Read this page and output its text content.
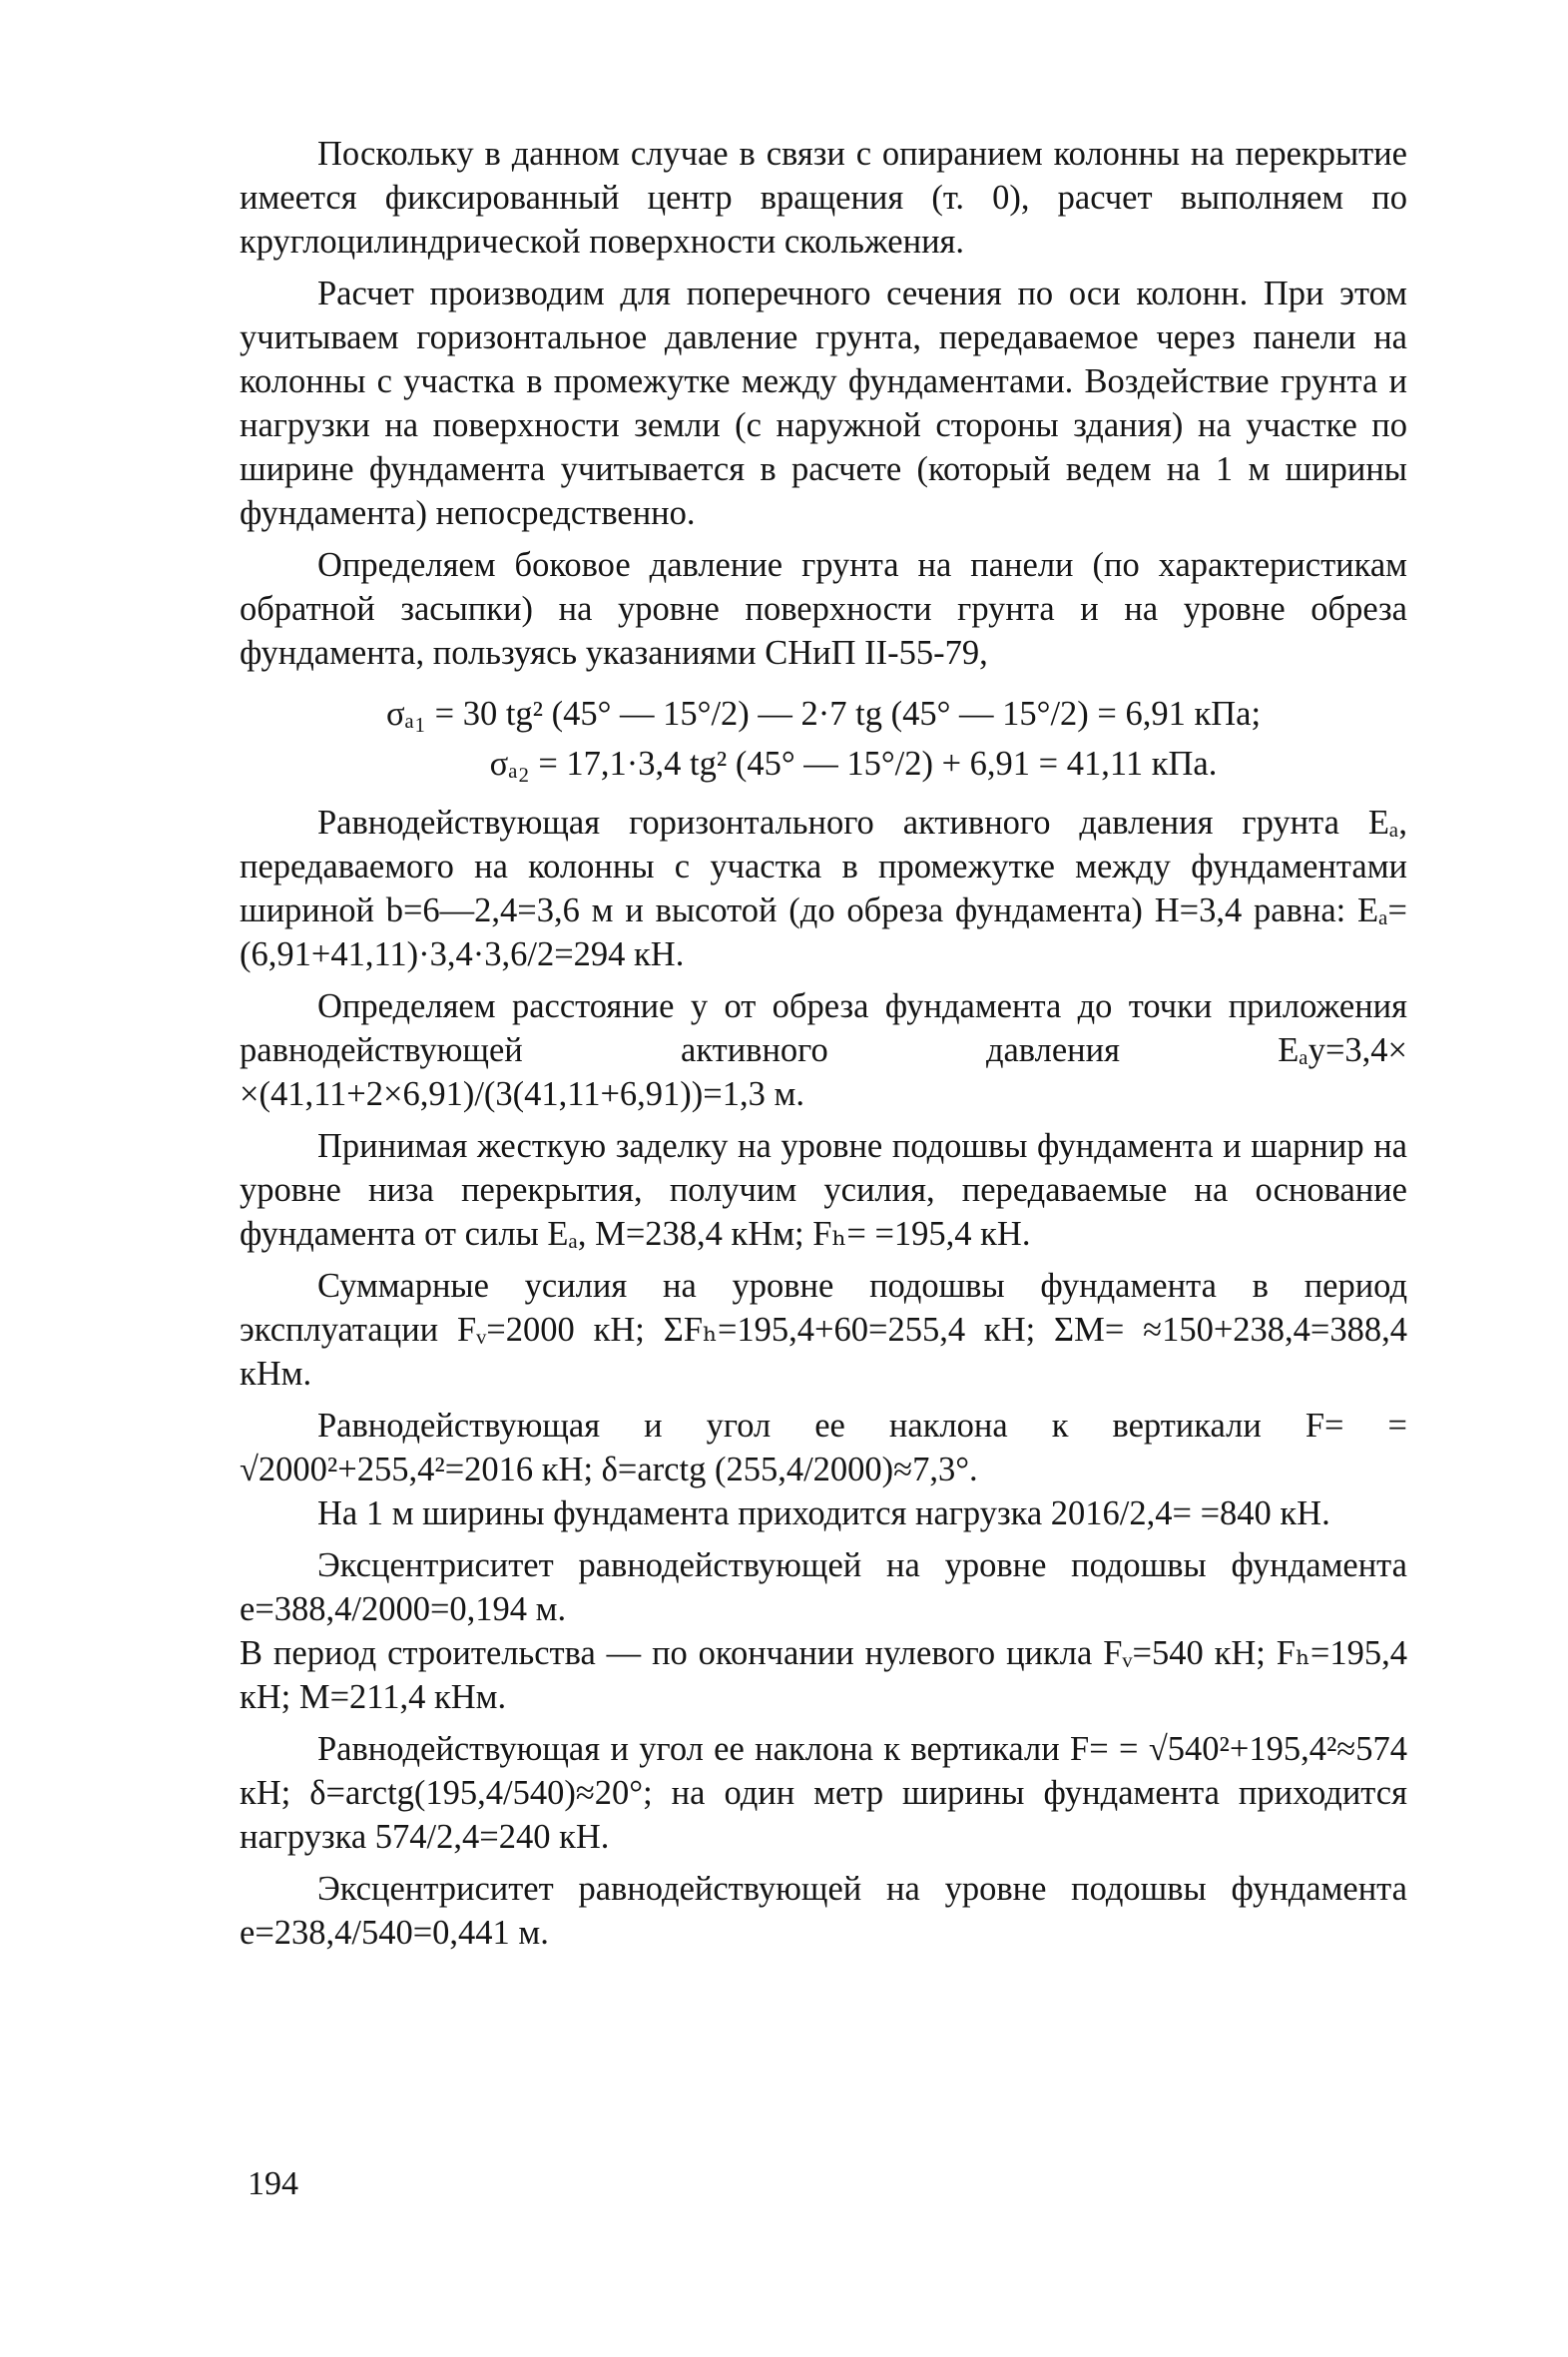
Поскольку в данном случае в связи с опиранием колонны на перекрытие имеется фиксированный центр вращения (т. 0), расчет выполняем по круглоцилиндрической поверхности скольжения.

Расчет производим для поперечного сечения по оси колонн. При этом учитываем горизонтальное давление грунта, передаваемое через панели на колонны с участка в промежутке между фундаментами. Воздействие грунта и нагрузки на поверхности земли (с наружной стороны здания) на участке по ширине фундамента учитывается в расчете (который ведем на 1 м ширины фундамента) непосредственно.

Определяем боковое давление грунта на панели (по характеристикам обратной засыпки) на уровне поверхности грунта и на уровне обреза фундамента, пользуясь указаниями СНиП II-55-79,

σₐ₁ = 30 tg² (45° — 15°/2) — 2·7 tg (45° — 15°/2) = 6,91 кПа;
σₐ₂ = 17,1·3,4 tg² (45° — 15°/2) + 6,91 = 41,11 кПа.

Равнодействующая горизонтального активного давления грунта Eₐ, передаваемого на колонны с участка в промежутке между фундаментами шириной b=6—2,4=3,6 м и высотой (до обреза фундамента) H=3,4 равна: Eₐ=(6,91+41,11)·3,4·3,6/2=294 кН.

Определяем расстояние y от обреза фундамента до точки приложения равнодействующей активного давления Eₐy=3,4× ×(41,11+2×6,91)/(3(41,11+6,91))=1,3 м.

Принимая жесткую заделку на уровне подошвы фундамента и шарнир на уровне низа перекрытия, получим усилия, передаваемые на основание фундамента от силы Eₐ, M=238,4 кНм; Fₕ= =195,4 кН.

Суммарные усилия на уровне подошвы фундамента в период эксплуатации Fᵥ=2000 кН; ΣFₕ=195,4+60=255,4 кН; ΣM= ≈150+238,4=388,4 кНм.

Равнодействующая и угол ее наклона к вертикали F= = √2000²+255,4²=2016 кН; δ=arctg (255,4/2000)≈7,3°.

На 1 м ширины фундамента приходится нагрузка 2016/2,4= =840 кН.

Эксцентриситет равнодействующей на уровне подошвы фундамента e=388,4/2000=0,194 м.

В период строительства — по окончании нулевого цикла Fᵥ=540 кН; Fₕ=195,4 кН; M=211,4 кНм.

Равнодействующая и угол ее наклона к вертикали F= = √540²+195,4²≈574 кН; δ=arctg(195,4/540)≈20°; на один метр ширины фундамента приходится нагрузка 574/2,4=240 кН.

Эксцентриситет равнодействующей на уровне подошвы фундамента e=238,4/540=0,441 м.

194
